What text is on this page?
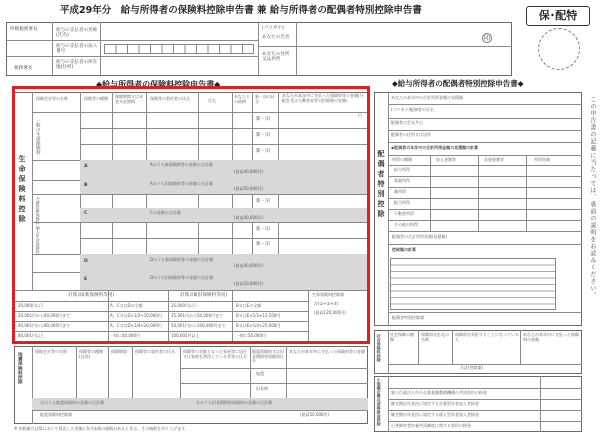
平成29年分　給与所得者の保険料控除申告書 兼 給与所得者の配偶者特別控除申告書	保･配特
所轄税務署長
税務署長
給与の支払者の名称(氏名)
給与の支払者の法人番号
給与の支払者の所在地(住所)
(フリガナ)
あなたの氏名
あなたの住所又は居所
印
◆給与所得者の保険料控除申告書◆
生命保険料控除
保険会社等の名称	保険等の種類	保険期間又は年金支払期間
保険等の契約者の氏名	氏名
あなたとの続柄
新・旧の区分
あなたが本年中に支払った保険料等の金額(分配を受けた剰余金等の控除後の金額)
一般の生命保険料	新・旧
新・旧
新・旧
円
A	Aのうち新保険料等の金額の合計額
(最高40,000円)
B	Aのうち旧保険料等の金額の合計額
(最高50,000円)
介護医療保険料	新・旧
C	Cの金額の合計額
(最高40,000円)
個人年金保険料	新・旧
新・旧
D	Dのうち新保険料等の金額の合計額
(最高40,000円)
E	Dのうち旧保険料等の金額の合計額
(最高50,000円)
計算式Ⅰ(新保険料等用)	計算式Ⅱ(旧保険料等用)	生命保険料控除額
計(①+②+③)
(最高120,000円)
20,000円以下	A、C又はDの全額	25,000円以下	B又はEの全額
20,001円から40,000円まで	A、C又はD×1/2+10,000円 25,001円から50,000円まで	B又はE×1/2+12,500円
40,001円から80,000円まで	A、C又はD×1/4+20,000円 50,001円から100,000円まで	B又はE×1/4+25,000円
80,001円以上	一律に40,000円	100,001円以上	一律に50,000円
地震保険料控除
保険会社等の名称	保険等の種類(目的)
保険期間	保険等の契約者の氏名	保険等の対象となった家屋等に居住又は家財を利用している者等の氏名
地震保険料又は旧長期損害保険料区分
あなたが本年中に支払った保険料等の金額
地震
旧長期
Ⓐのうち地震保険料の金額の合計額	Ⓑのうち旧長期損害保険料の金額の合計額
地震保険料控除額	(最高50,000円)
※ 控除額の計算において算出した金額に1円未満の端数があるときは、その端数を切り上げます。
◆給与所得者の配偶者特別控除申告書◆
配偶者特別控除
あなたの本年中の合計所得金額の見積額
(フリガナ)配偶者の氏名
配偶者の生年月日
配偶者の住所又は居所
◆配偶者の本年中の合計所得金額の見積額の計算
所得の種類	収入金額等	必要経費等	所得金額
給与所得
事業所得
雑所得
配当所得
不動産所得
その他の所得
配偶者の合計所得金額(見積額)
控除額の計算
配偶者特別控除額
社会保険料控除 社会保険の種類
保険料支払先の名称
保険料を負担することになっている人
あなたが本年中に支払った保険料の金額
合計(控除額)
小規模企業共済等掛金控除 独立行政法人中小企業基盤整備機構の共済契約の掛金
確定拠出年金法に規定する企業型年金加入者掛金
確定拠出年金法に規定する個人型年金加入者掛金
心身障害者扶養共済制度に関する契約の掛金
この申告書の記載に当たっては、裏面の説明をお読みください。
